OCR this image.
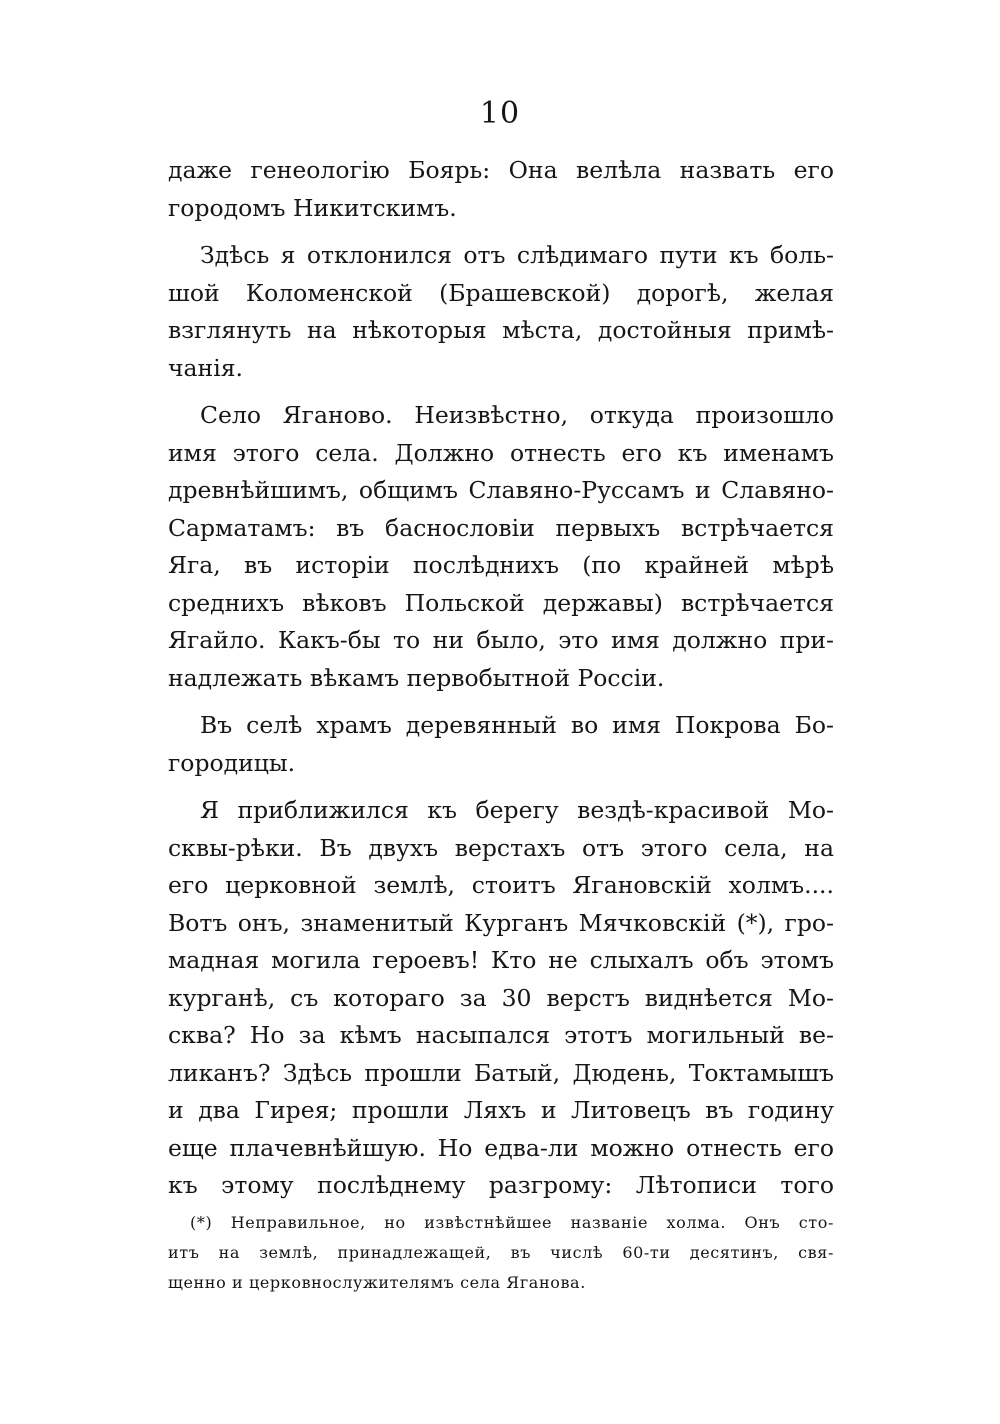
10
даже генеологію Боярь: Она велѣла назвать его
городомъ Никитскимъ.
Здѣсь я отклонился отъ слѣдимаго пути къ боль-
шой Коломенской (Брашевской) дорогѣ, желая
взглянуть на нѣкоторыя мѣста, достойныя примѣ-
чанія.
Село Яганово. Неизвѣстно, откуда произошло
имя этого села. Должно отнесть его къ именамъ
древнѣйшимъ, общимъ Славяно-Руссамъ и Славяно-
Сарматамъ: въ баснословіи первыхъ встрѣчается
Яга, въ исторіи послѣднихъ (по крайней мѣрѣ
среднихъ вѣковъ Польской державы) встрѣчается
Ягайло. Какъ-бы то ни было, это имя должно при-
надлежать вѣкамъ первобытной Россіи.
Въ селѣ храмъ деревянный во имя Покрова Бо-
городицы.
Я приближился къ берегу вездѣ-красивой Мо-
сквы-рѣки. Въ двухъ верстахъ отъ этого села, на
его церковной землѣ, стоитъ Ягановскій холмъ....
Вотъ онъ, знаменитый Курганъ Мячковскій (*), гро-
мадная могила героевъ! Кто не слыхалъ объ этомъ
курганѣ, съ котораго за 30 верстъ виднѣется Мо-
сква? Но за кѣмъ насыпался этотъ могильный ве-
ликанъ? Здѣсь прошли Батый, Дюдень, Токтамышъ
и два Гирея; прошли Ляхъ и Литовецъ въ годину
еще плачевнѣйшую. Но едва-ли можно отнесть его
къ этому послѣднему разгрому: Лѣтописи того
(*) Неправильное, но извѣстнѣйшее названіе холма. Онъ сто-
итъ на землѣ, принадлежащей, въ числѣ 60-ти десятинъ, свя-
щенно и церковнослужителямъ села Яганова.
